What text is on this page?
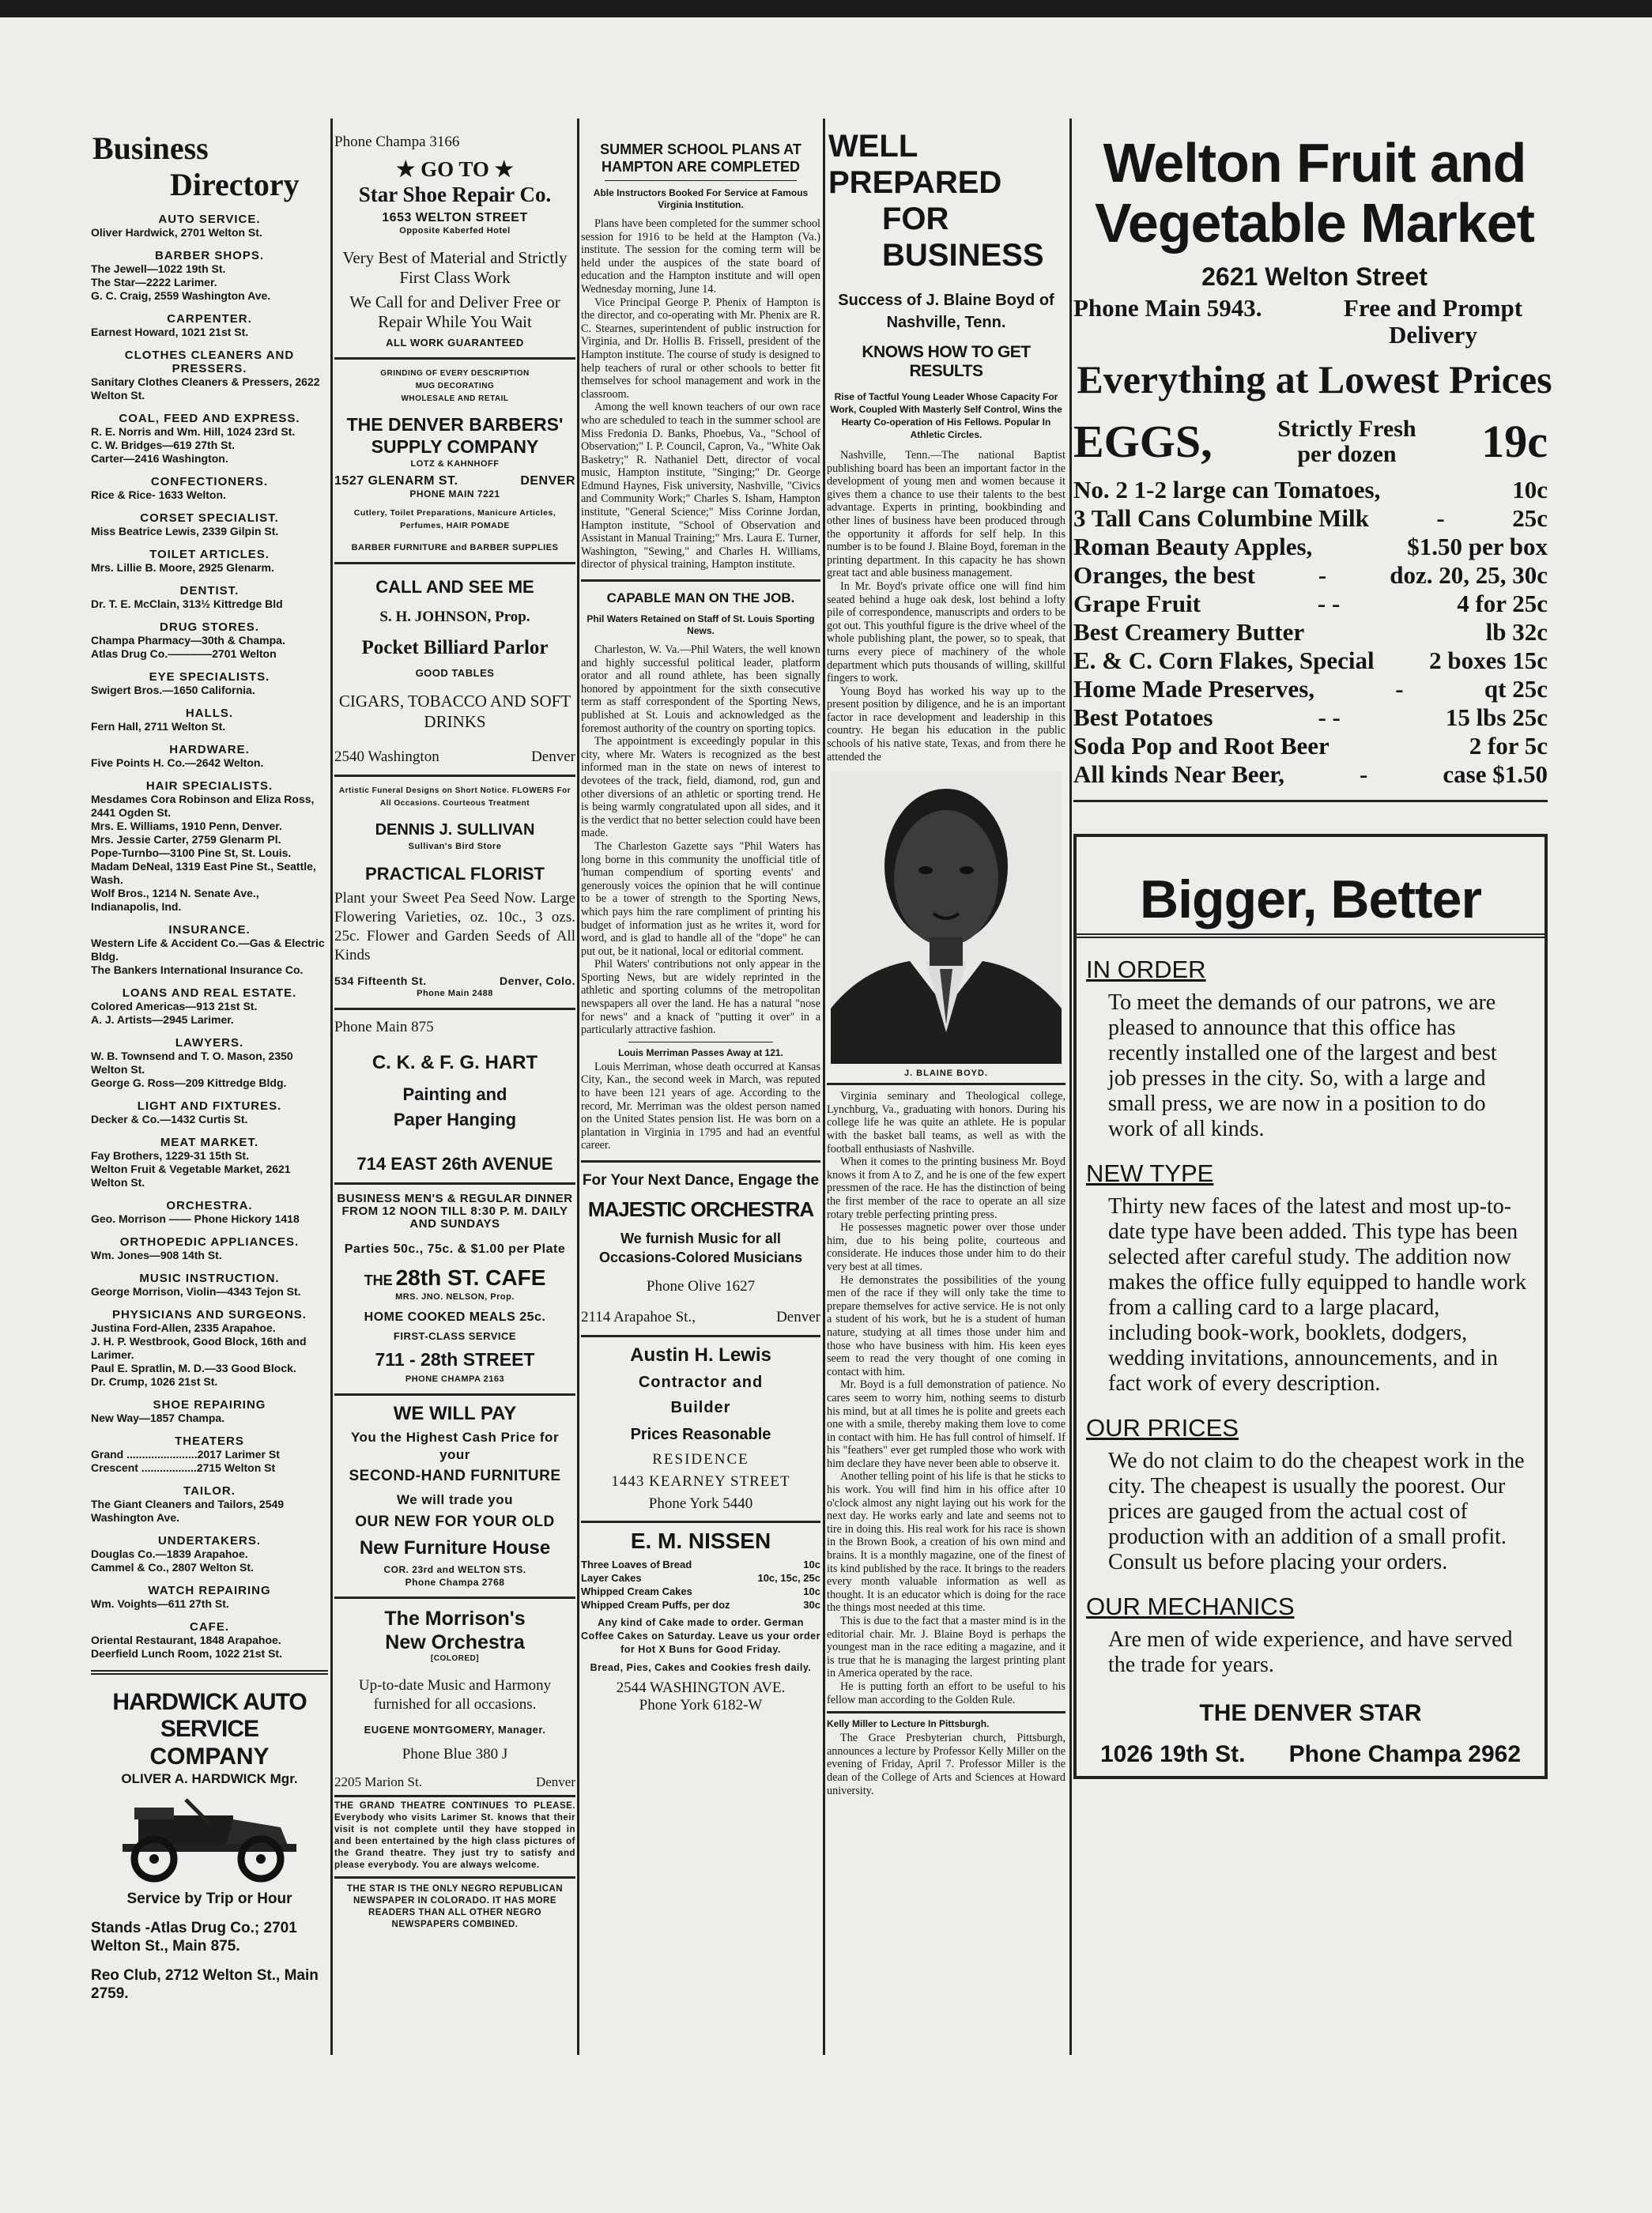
Business
Directory
AUTO SERVICE.
Oliver Hardwick, 2701 Welton St.
BARBER SHOPS.
The Jewell—1022 19th St.
The Star—2222 Larimer.
G. C. Craig, 2559 Washington Ave.
CARPENTER.
Earnest Howard, 1021 21st St.
CLOTHES CLEANERS AND PRESSERS.
Sanitary Clothes Cleaners & Pressers, 2622 Welton St.
COAL, FEED AND EXPRESS.
R. E. Norris and Wm. Hill, 1024 23rd St.
C. W. Bridges—619 27th St.
Carter—2416 Washington.
CONFECTIONERS.
Rice & Rice- 1633 Welton.
CORSET SPECIALIST.
Miss Beatrice Lewis, 2339 Gilpin St.
TOILET ARTICLES.
Mrs. Lillie B. Moore, 2925 Glenarm.
DENTIST.
Dr. T. E. McClain, 313½ Kittredge Bld
DRUG STORES.
Champa Pharmacy—30th & Champa.
Atlas Drug Co.————2701 Welton
EYE SPECIALISTS.
Swigert Bros.—1650 California.
HALLS.
Fern Hall, 2711 Welton St.
HARDWARE.
Five Points H. Co.—2642 Welton.
HAIR SPECIALISTS.
Mesdames Cora Robinson and Eliza Ross, 2441 Ogden St.
Mrs. E. Williams, 1910 Penn, Denver.
Mrs. Jessie Carter, 2759 Glenarm Pl.
Pope-Turnbo—3100 Pine St, St. Louis.
Madam DeNeal, 1319 East Pine St., Seattle, Wash.
Wolf Bros., 1214 N. Senate Ave., Indianapolis, Ind.
INSURANCE.
Western Life & Accident Co.—Gas & Electric Bldg.
The Bankers International Insurance Co.
LOANS AND REAL ESTATE.
Colored Americas—913 21st St.
A. J. Artists—2945 Larimer.
LAWYERS.
W. B. Townsend and T. O. Mason, 2350 Welton St.
George G. Ross—209 Kittredge Bldg.
LIGHT AND FIXTURES.
Decker & Co.—1432 Curtis St.
MEAT MARKET.
Fay Brothers, 1229-31 15th St.
Welton Fruit & Vegetable Market, 2621 Welton St.
ORCHESTRA.
Geo. Morrison —— Phone Hickory 1418
ORTHOPEDIC APPLIANCES.
Wm. Jones—908 14th St.
MUSIC INSTRUCTION.
George Morrison, Violin—4343 Tejon St.
PHYSICIANS AND SURGEONS.
Justina Ford-Allen, 2335 Arapahoe.
J. H. P. Westbrook, Good Block, 16th and Larimer.
Paul E. Spratlin, M. D.—33 Good Block.
Dr. Crump, 1026 21st St.
SHOE REPAIRING
New Way—1857 Champa.
THEATERS
Grand .......................2017 Larimer St
Crescent ..................2715 Welton St
TAILOR.
The Giant Cleaners and Tailors, 2549 Washington Ave.
UNDERTAKERS.
Douglas Co.—1839 Arapahoe.
Cammel & Co., 2807 Welton St.
WATCH REPAIRING
Wm. Voights—611 27th St.
CAFE.
Oriental Restaurant, 1848 Arapahoe.
Deerfield Lunch Room, 1022 21st St.
HARDWICK AUTO SERVICE
COMPANY
OLIVER A. HARDWICK Mgr.
Service by Trip or Hour
Stands -Atlas Drug Co.; 2701 Welton St., Main 875.
Reo Club, 2712 Welton St., Main 2759.
Phone Champa 3166
★ GO TO ★
Star Shoe Repair Co.
1653 WELTON STREET
Opposite Kaberfed Hotel
Very Best of Material and Strictly First Class Work
We Call for and Deliver Free or Repair While You Wait
ALL WORK GUARANTEED
GRINDING OF EVERY DESCRIPTION
MUG DECORATING
WHOLESALE AND RETAIL
THE DENVER BARBERS' SUPPLY COMPANY
LOTZ & KAHNHOFF
1527 GLENARM ST.	DENVER
PHONE MAIN 7221
Cutlery, Toilet Preparations, Manicure Articles, Perfumes, HAIR POMADE
BARBER FURNITURE and BARBER SUPPLIES
CALL AND SEE ME
S. H. JOHNSON, Prop.
Pocket Billiard Parlor
GOOD TABLES
CIGARS, TOBACCO AND SOFT DRINKS
2540 Washington	Denver
Artistic Funeral Designs on Short Notice. FLOWERS For All Occasions. Courteous Treatment
DENNIS J. SULLIVAN
Sullivan's Bird Store
PRACTICAL FLORIST
Plant your Sweet Pea Seed Now. Large Flowering Varieties, oz. 10c., 3 ozs. 25c. Flower and Garden Seeds of All Kinds
534 Fifteenth St.	Denver, Colo.
Phone Main 2488
Phone Main 875
C. K. & F. G. HART
Painting and
Paper Hanging
714 EAST 26th AVENUE
BUSINESS MEN'S & REGULAR DINNER
FROM 12 NOON TILL 8:30 P. M. DAILY
AND SUNDAYS
Parties 50c., 75c. & $1.00 per Plate
THE 28th ST. CAFE
MRS. JNO. NELSON, Prop.
HOME COOKED MEALS 25c.
FIRST-CLASS SERVICE
711 - 28th STREET
PHONE CHAMPA 2163
WE WILL PAY
You the Highest Cash Price for your
SECOND-HAND FURNITURE
We will trade you
OUR NEW FOR YOUR OLD
New Furniture House
COR. 23rd and WELTON STS.
Phone Champa 2768
The Morrison's
New Orchestra
[COLORED]
Up-to-date Music and Harmony furnished for all occasions.
EUGENE MONTGOMERY, Manager.
Phone Blue 380 J
2205 Marion St.	Denver
THE GRAND THEATRE CONTINUES TO PLEASE. Everybody who visits Larimer St. knows that their visit is not complete until they have stopped in and been entertained by the high class pictures of the Grand theatre. They just try to satisfy and please everybody. You are always welcome.
THE STAR IS THE ONLY NEGRO REPUBLICAN NEWSPAPER IN COLORADO. IT HAS MORE READERS THAN ALL OTHER NEGRO NEWSPAPERS COMBINED.
SUMMER SCHOOL PLANS AT HAMPTON ARE COMPLETED
Able Instructors Booked For Service at Famous Virginia Institution.

Plans have been completed for the summer school session for 1916 to be held at the Hampton (Va.) institute. The session for the coming term will be held under the auspices of the state board of education and the Hampton institute and will open Wednesday morning, June 14.

Vice Principal George P. Phenix of Hampton is the director, and co-operating with Mr. Phenix are R. C. Stearnes, superintendent of public instruction for Virginia, and Dr. Hollis B. Frissell, president of the Hampton institute. The course of study is designed to help teachers of rural or other schools to better fit themselves for school management and work in the classroom.

Among the well known teachers of our own race who are scheduled to teach in the summer school are Miss Fredonia D. Banks, Phoebus, Va., "School of Observation;" I. P. Council, Capron, Va., "White Oak Basketry;" R. Nathaniel Dett, director of vocal music, Hampton institute, "Singing;" Dr. George Edmund Haynes, Fisk university, Nashville, "Civics and Community Work;" Charles S. Isham, Hampton institute, "General Science;" Miss Corinne Jordan, Hampton institute, "School of Observation and Assistant in Manual Training;" Mrs. Laura E. Turner, Washington, "Sewing," and Charles H. Williams, director of physical training, Hampton institute.

CAPABLE MAN ON THE JOB.
Phil Waters Retained on Staff of St. Louis Sporting News.

Charleston, W. Va.—Phil Waters, the well known and highly successful political leader, platform orator and all round athlete, has been signally honored by appointment for the sixth consecutive term as staff correspondent of the Sporting News, published at St. Louis and acknowledged as the foremost authority of the country on sporting topics.

The appointment is exceedingly popular in this city, where Mr. Waters is recognized as the best informed man in the state on news of interest to devotees of the track, field, diamond, rod, gun and other diversions of an athletic or sporting trend. He is being warmly congratulated upon all sides, and it is the verdict that no better selection could have been made.

The Charleston Gazette says "Phil Waters has long borne in this community the unofficial title of 'human compendium of sporting events' and generously voices the opinion that he will continue to be a tower of strength to the Sporting News, which pays him the rare compliment of printing his budget of information just as he writes it, word for word, and is glad to handle all of the "dope" he can put out, be it national, local or editorial comment.

Phil Waters' contributions not only appear in the Sporting News, but are widely reprinted in the athletic and sporting columns of the metropolitan newspapers all over the land. He has a natural "nose for news" and a knack of "putting it over" in a particularly attractive fashion.

Louis Merriman Passes Away at 121.

Louis Merriman, whose death occurred at Kansas City, Kan., the second week in March, was reputed to have been 121 years of age. According to the record, Mr. Merriman was the oldest person named on the United States pension list. He was born on a plantation in Virginia in 1795 and had an eventful career.

For Your Next Dance, Engage the
MAJESTIC ORCHESTRA
We furnish Music for all Occasions-Colored Musicians
Phone Olive 1627
2114 Arapahoe St.,	Denver
Austin H. Lewis
Contractor and
Builder
Prices Reasonable
RESIDENCE
1443 KEARNEY STREET
Phone York 5440
E. M. NISSEN
Three Loaves of Bread	10c
Layer Cakes	10c, 15c, 25c
Whipped Cream Cakes	10c
Whipped Cream Puffs, per doz	30c
Any kind of Cake made to order. German Coffee Cakes on Saturday. Leave us your order for Hot X Buns for Good Friday.
Bread, Pies, Cakes and Cookies fresh daily.
2544 WASHINGTON AVE.
Phone York 6182-W
WELL PREPARED
FOR BUSINESS
Success of J. Blaine Boyd of Nashville, Tenn.
KNOWS HOW TO GET RESULTS
Rise of Tactful Young Leader Whose Capacity For Work, Coupled With Masterly Self Control, Wins the Hearty Co-operation of His Fellows. Popular In Athletic Circles.

Nashville, Tenn.—The national Baptist publishing board has been an important factor in the development of young men and women because it gives them a chance to use their talents to the best advantage. Experts in printing, bookbinding and other lines of business have been produced through the opportunity it affords for self help. In this number is to be found J. Blaine Boyd, foreman in the printing department. In this capacity he has shown great tact and able business management.

In Mr. Boyd's private office one will find him seated behind a huge oak desk, lost behind a lofty pile of correspondence, manuscripts and orders to be got out. This youthful figure is the drive wheel of the whole publishing plant, the power, so to speak, that turns every piece of machinery of the whole department which puts thousands of willing, skillful fingers to work.

Young Boyd has worked his way up to the present position by diligence, and he is an important factor in race development and leadership in this country. He began his education in the public schools of his native state, Texas, and from there he attended the

J. BLAINE BOYD.

Virginia seminary and Theological college, Lynchburg, Va., graduating with honors. During his college life he was quite an athlete. He is popular with the basket ball teams, as well as with the football enthusiasts of Nashville.

When it comes to the printing business Mr. Boyd knows it from A to Z, and he is one of the few expert pressmen of the race. He has the distinction of being the first member of the race to operate an all size rotary treble perfecting printing press.

He possesses magnetic power over those under him, due to his being polite, courteous and considerate. He induces those under him to do their very best at all times.

He demonstrates the possibilities of the young men of the race if they will only take the time to prepare themselves for active service. He is not only a student of his work, but he is a student of human nature, studying at all times those under him and those who have business with him. His keen eyes seem to read the very thought of one coming in contact with him.

Mr. Boyd is a full demonstration of patience. No cares seem to worry him, nothing seems to disturb his mind, but at all times he is polite and greets each one with a smile, thereby making them love to come in contact with him. He has full control of himself. If his "feathers" ever get rumpled those who work with him declare they have never been able to observe it.

Another telling point of his life is that he sticks to his work. You will find him in his office after 10 o'clock almost any night laying out his work for the next day. He works early and late and seems not to tire in doing this. His real work for his race is shown in the Brown Book, a creation of his own mind and brains. It is a monthly magazine, one of the finest of its kind published by the race. It brings to the readers every month valuable information as well as thought. It is an educator which is doing for the race the things most needed at this time.

This is due to the fact that a master mind is in the editorial chair. Mr. J. Blaine Boyd is perhaps the youngest man in the race editing a magazine, and it is true that he is managing the largest printing plant in America operated by the race.

He is putting forth an effort to be useful to his fellow man according to the Golden Rule.

Kelly Miller to Lecture In Pittsburgh.

The Grace Presbyterian church, Pittsburgh, announces a lecture by Professor Kelly Miller on the evening of Friday, April 7. Professor Miller is the dean of the College of Arts and Sciences at Howard university.

Welton Fruit and Vegetable Market
2621 Welton Street
Phone Main 5943.	Free and Prompt Delivery
Everything at Lowest Prices
EGGS,	Strictly Fresh per dozen	19c
No. 2 1-2 large can Tomatoes,	10c
3 Tall Cans Columbine Milk	-	25c
Roman Beauty Apples,	$1.50 per box
Oranges, the best	-	doz. 20, 25, 30c
Grape Fruit	- -	4 for 25c
Best Creamery Butter	lb 32c
E. & C. Corn Flakes, Special 2 boxes 15c
Home Made Preserves,	-	qt 25c
Best Potatoes	- -	15 lbs 25c
Soda Pop and Root Beer	2 for 5c
All kinds Near Beer,	-	case $1.50
Bigger, Better
IN ORDER
To meet the demands of our patrons, we are pleased to announce that this office has recently installed one of the largest and best job presses in the city. So, with a large and small press, we are now in a position to do work of all kinds.
NEW TYPE
Thirty new faces of the latest and most up-to-date type have been added. This type has been selected after careful study. The addition now makes the office fully equipped to handle work from a calling card to a large placard, including book-work, booklets, dodgers, wedding invitations, announcements, and in fact work of every description.
OUR PRICES
We do not claim to do the cheapest work in the city. The cheapest is usually the poorest. Our prices are gauged from the actual cost of production with an addition of a small profit. Consult us before placing your orders.
OUR MECHANICS
Are men of wide experience, and have served the trade for years.
THE DENVER STAR
1026 19th St. Phone Champa 2962
